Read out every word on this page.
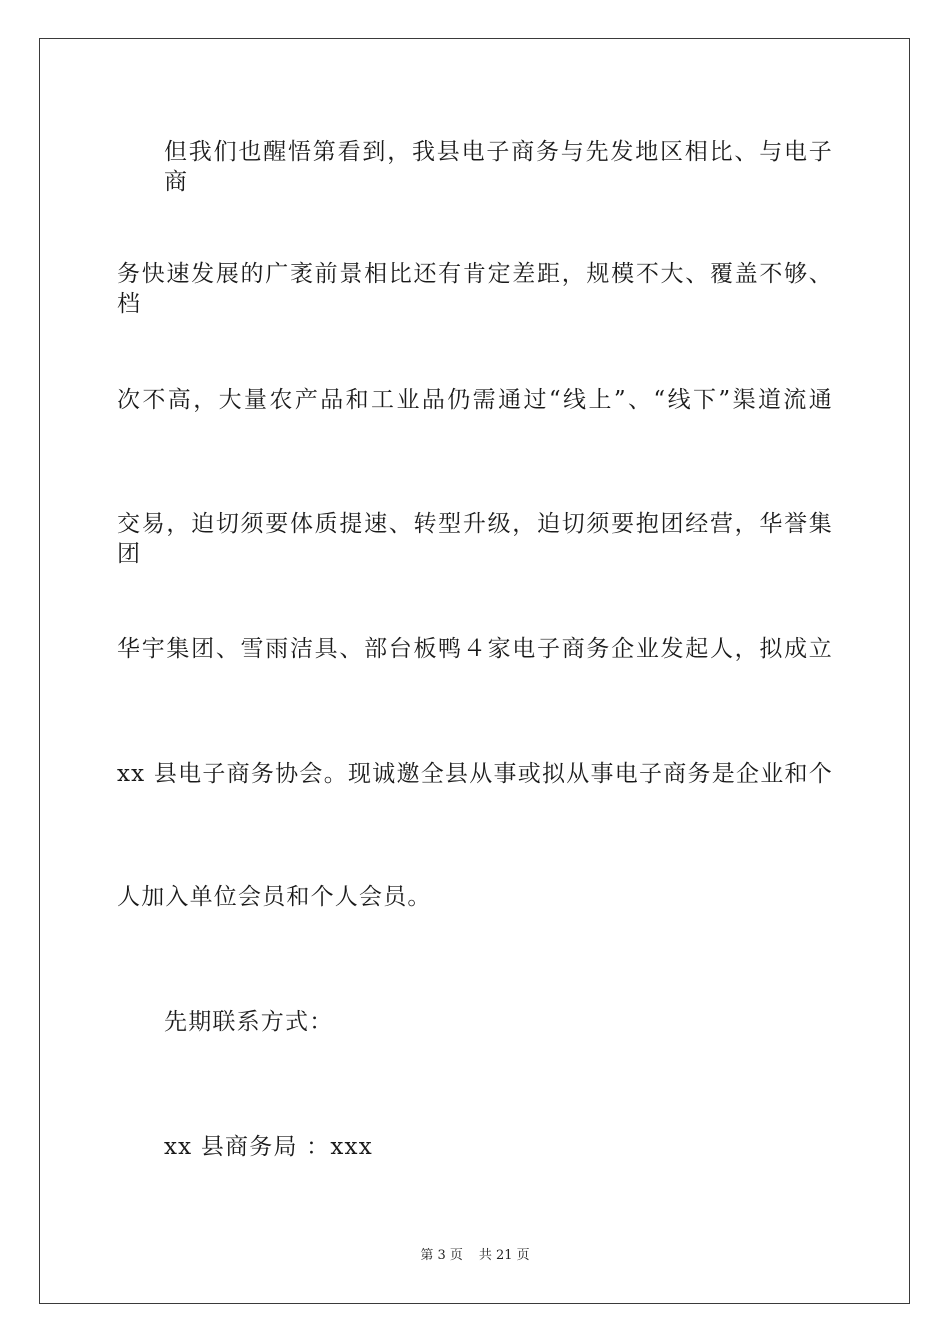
但我们也醒悟第看到，我县电子商务与先发地区相比、与电子商
务快速发展的广袤前景相比还有肯定差距，规模不大、覆盖不够、档
次不高，大量农产品和工业品仍需通过“线上”、“线下”渠道流通
交易，迫切须要体质提速、转型升级，迫切须要抱团经营，华誉集团
华宇集团、雪雨洁具、部台板鸭４家电子商务企业发起人，拟成立
xx 县电子商务协会。现诚邀全县从事或拟从事电子商务是企业和个
人加入单位会员和个人会员。
先期联系方式：
xx 县商务局 ：xxx
第 3 页 共 21 页
